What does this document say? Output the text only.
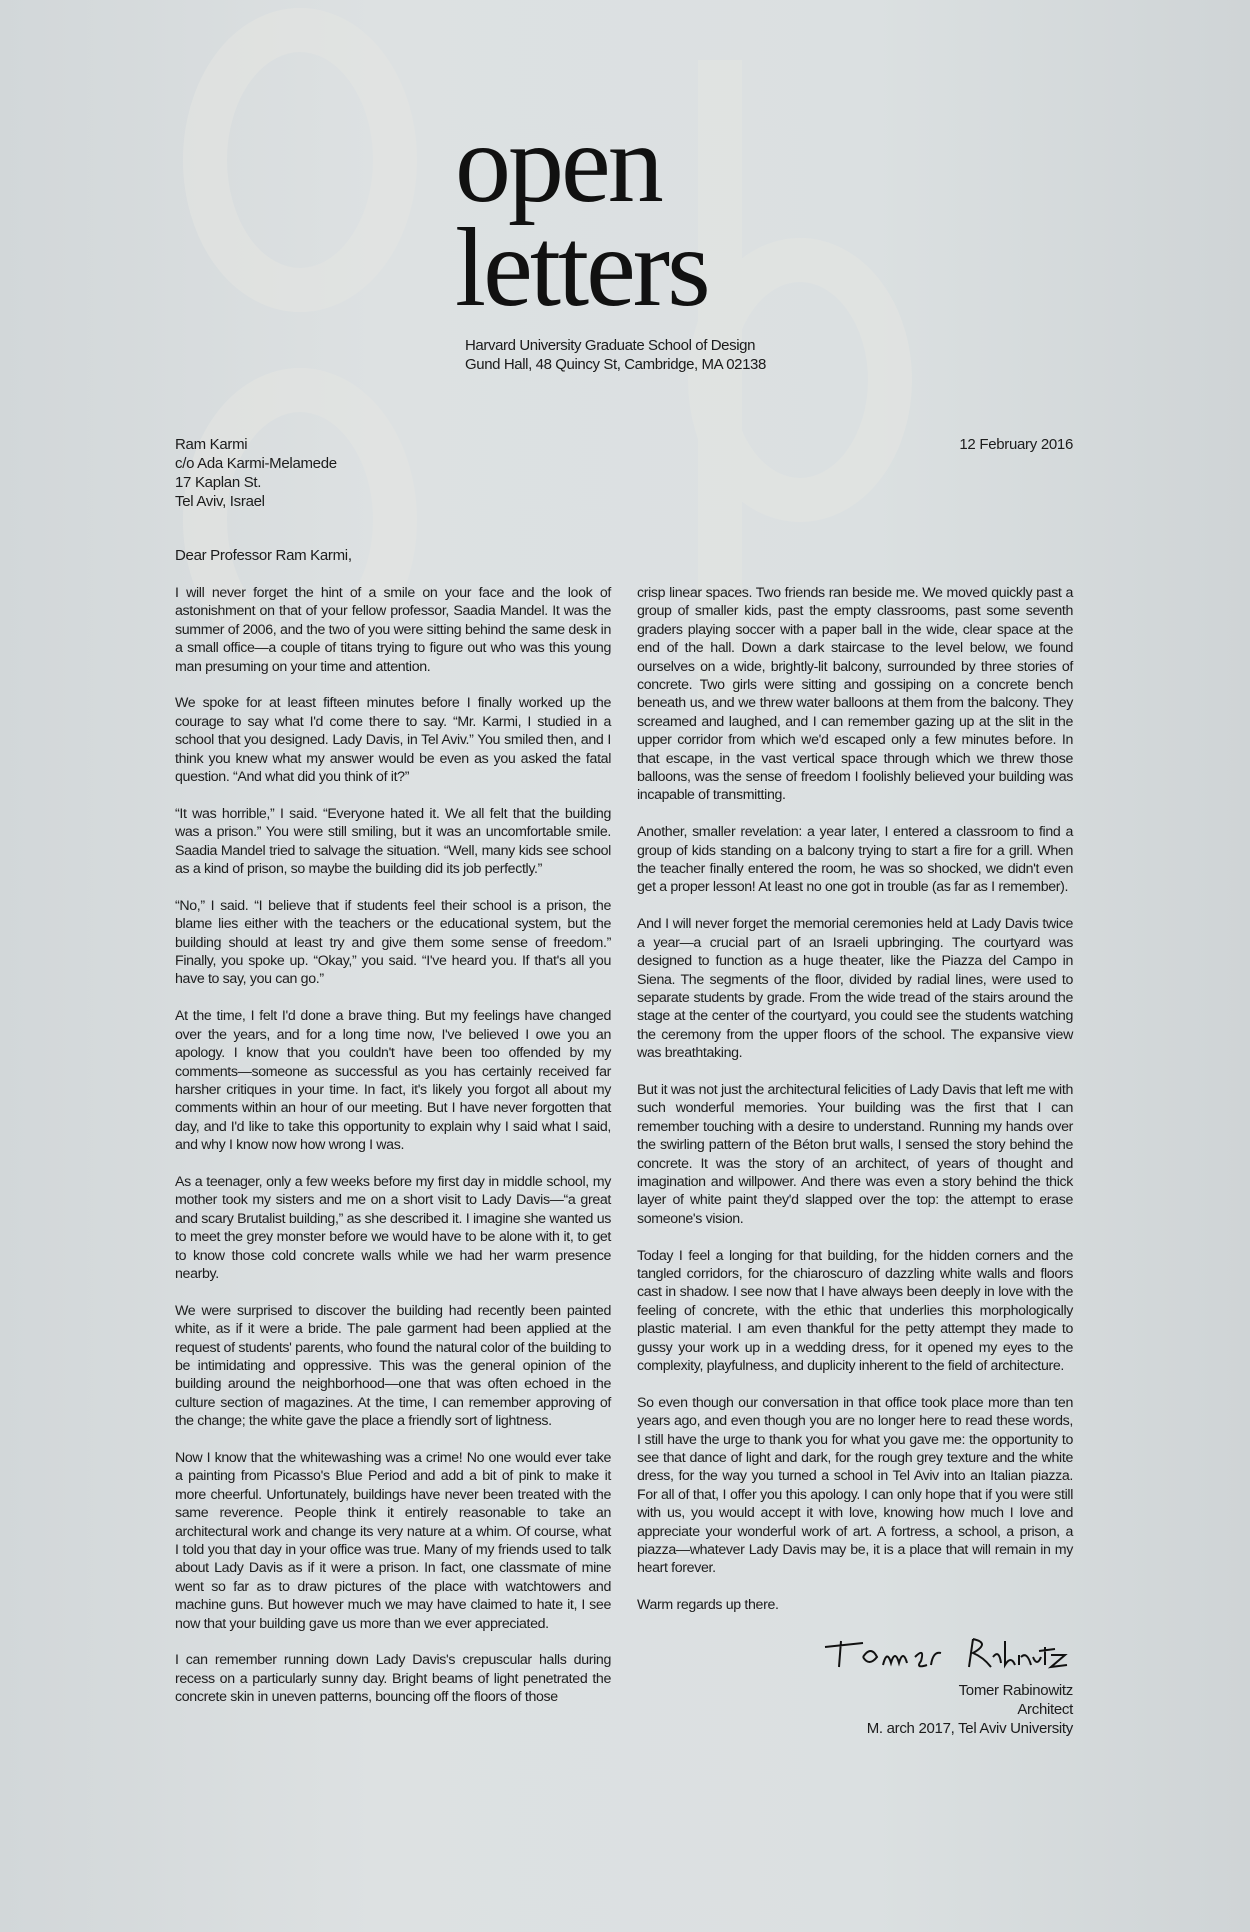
open
letters
Harvard University Graduate School of Design
Gund Hall, 48 Quincy St, Cambridge, MA 02138
Ram Karmi
c/o Ada Karmi-Melamede
17 Kaplan St.
Tel Aviv, Israel
12 February 2016
Dear Professor Ram Karmi,

I will never forget the hint of a smile on your face and the look of astonishment on that of your fellow professor, Saadia Mandel. It was the summer of 2006, and the two of you were sitting behind the same desk in a small office—a couple of titans trying to figure out who was this young man presuming on your time and attention.

We spoke for at least fifteen minutes before I finally worked up the courage to say what I'd come there to say. “Mr. Karmi, I studied in a school that you designed. Lady Davis, in Tel Aviv.” You smiled then, and I think you knew what my answer would be even as you asked the fatal question. “And what did you think of it?”

“It was horrible,” I said. “Everyone hated it. We all felt that the building was a prison.” You were still smiling, but it was an uncomfortable smile. Saadia Mandel tried to salvage the situation. “Well, many kids see school as a kind of prison, so maybe the building did its job perfectly.”

“No,” I said. “I believe that if students feel their school is a prison, the blame lies either with the teachers or the educational system, but the building should at least try and give them some sense of freedom.” Finally, you spoke up. “Okay,” you said. “I've heard you. If that's all you have to say, you can go.”

At the time, I felt I'd done a brave thing. But my feelings have changed over the years, and for a long time now, I've believed I owe you an apology. I know that you couldn't have been too offended by my comments—someone as successful as you has certainly received far harsher critiques in your time. In fact, it's likely you forgot all about my comments within an hour of our meeting. But I have never forgotten that day, and I'd like to take this opportunity to explain why I said what I said, and why I know now how wrong I was.

As a teenager, only a few weeks before my first day in middle school, my mother took my sisters and me on a short visit to Lady Davis—“a great and scary Brutalist building,” as she described it. I imagine she wanted us to meet the grey monster before we would have to be alone with it, to get to know those cold concrete walls while we had her warm presence nearby.

We were surprised to discover the building had recently been painted white, as if it were a bride. The pale garment had been applied at the request of students' parents, who found the natural color of the building to be intimidating and oppressive. This was the general opinion of the building around the neighborhood—one that was often echoed in the culture section of magazines. At the time, I can remember approving of the change; the white gave the place a friendly sort of lightness.

Now I know that the whitewashing was a crime! No one would ever take a painting from Picasso's Blue Period and add a bit of pink to make it more cheerful. Unfortunately, buildings have never been treated with the same reverence. People think it entirely reasonable to take an architectural work and change its very nature at a whim. Of course, what I told you that day in your office was true. Many of my friends used to talk about Lady Davis as if it were a prison. In fact, one classmate of mine went so far as to draw pictures of the place with watchtowers and machine guns. But however much we may have claimed to hate it, I see now that your building gave us more than we ever appreciated.

I can remember running down Lady Davis's crepuscular halls during recess on a particularly sunny day. Bright beams of light penetrated the concrete skin in uneven patterns, bouncing off the floors of those

crisp linear spaces. Two friends ran beside me. We moved quickly past a group of smaller kids, past the empty classrooms, past some seventh graders playing soccer with a paper ball in the wide, clear space at the end of the hall. Down a dark staircase to the level below, we found ourselves on a wide, brightly-lit balcony, surrounded by three stories of concrete. Two girls were sitting and gossiping on a concrete bench beneath us, and we threw water balloons at them from the balcony. They screamed and laughed, and I can remember gazing up at the slit in the upper corridor from which we'd escaped only a few minutes before. In that escape, in the vast vertical space through which we threw those balloons, was the sense of freedom I foolishly believed your building was incapable of transmitting.

Another, smaller revelation: a year later, I entered a classroom to find a group of kids standing on a balcony trying to start a fire for a grill. When the teacher finally entered the room, he was so shocked, we didn't even get a proper lesson! At least no one got in trouble (as far as I remember).

And I will never forget the memorial ceremonies held at Lady Davis twice a year—a crucial part of an Israeli upbringing. The courtyard was designed to function as a huge theater, like the Piazza del Campo in Siena. The segments of the floor, divided by radial lines, were used to separate students by grade. From the wide tread of the stairs around the stage at the center of the courtyard, you could see the students watching the ceremony from the upper floors of the school. The expansive view was breathtaking.

But it was not just the architectural felicities of Lady Davis that left me with such wonderful memories. Your building was the first that I can remember touching with a desire to understand. Running my hands over the swirling pattern of the Béton brut walls, I sensed the story behind the concrete. It was the story of an architect, of years of thought and imagination and willpower. And there was even a story behind the thick layer of white paint they'd slapped over the top: the attempt to erase someone's vision.

Today I feel a longing for that building, for the hidden corners and the tangled corridors, for the chiaroscuro of dazzling white walls and floors cast in shadow. I see now that I have always been deeply in love with the feeling of concrete, with the ethic that underlies this morphologically plastic material. I am even thankful for the petty attempt they made to gussy your work up in a wedding dress, for it opened my eyes to the complexity, playfulness, and duplicity inherent to the field of architecture.

So even though our conversation in that office took place more than ten years ago, and even though you are no longer here to read these words, I still have the urge to thank you for what you gave me: the opportunity to see that dance of light and dark, for the rough grey texture and the white dress, for the way you turned a school in Tel Aviv into an Italian piazza. For all of that, I offer you this apology. I can only hope that if you were still with us, you would accept it with love, knowing how much I love and appreciate your wonderful work of art. A fortress, a school, a prison, a piazza—whatever Lady Davis may be, it is a place that will remain in my heart forever.

Warm regards up there.

Tomer Rabinowitz
Architect
M. arch 2017, Tel Aviv University
